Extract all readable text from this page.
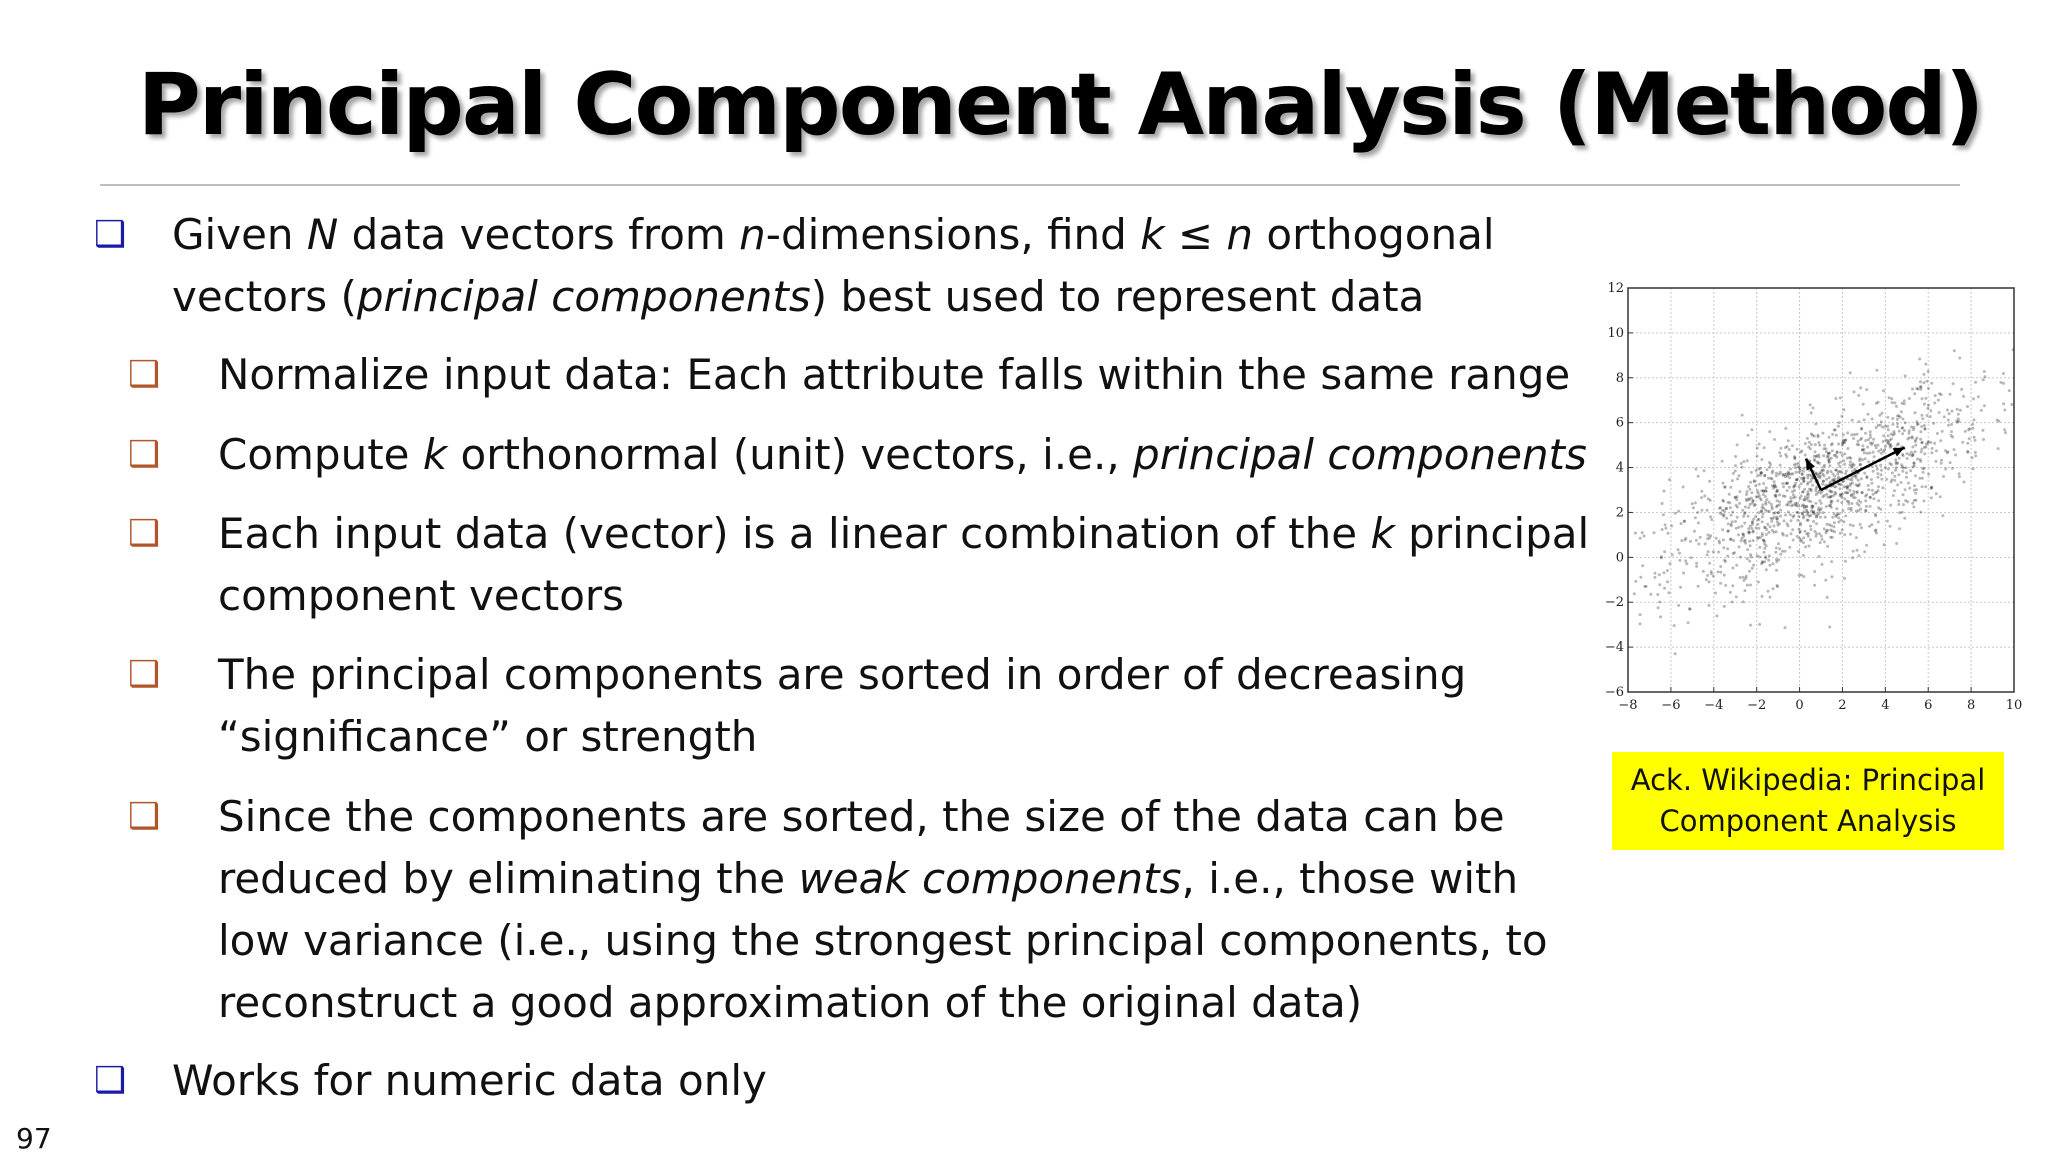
Principal Component Analysis (Method)
❑ Given N data vectors from n-dimensions, find k ≤ n orthogonal
vectors (principal components) best used to represent data
❑ Normalize input data: Each attribute falls within the same range
❑ Compute k orthonormal (unit) vectors, i.e., principal components
❑ Each input data (vector) is a linear combination of the k principal
component vectors
❑ The principal components are sorted in order of decreasing
“significance” or strength
❑ Since the components are sorted, the size of the data can be
reduced by eliminating the weak components, i.e., those with
low variance (i.e., using the strongest principal components, to
reconstruct a good approximation of the original data)
❑ Works for numeric data only
−8 −6 −4 −2 0	2	4	6	8 10
−6
−4
−2
0
2
4
6
8
10
12
Ack. Wikipedia: Principal
Component Analysis
97
